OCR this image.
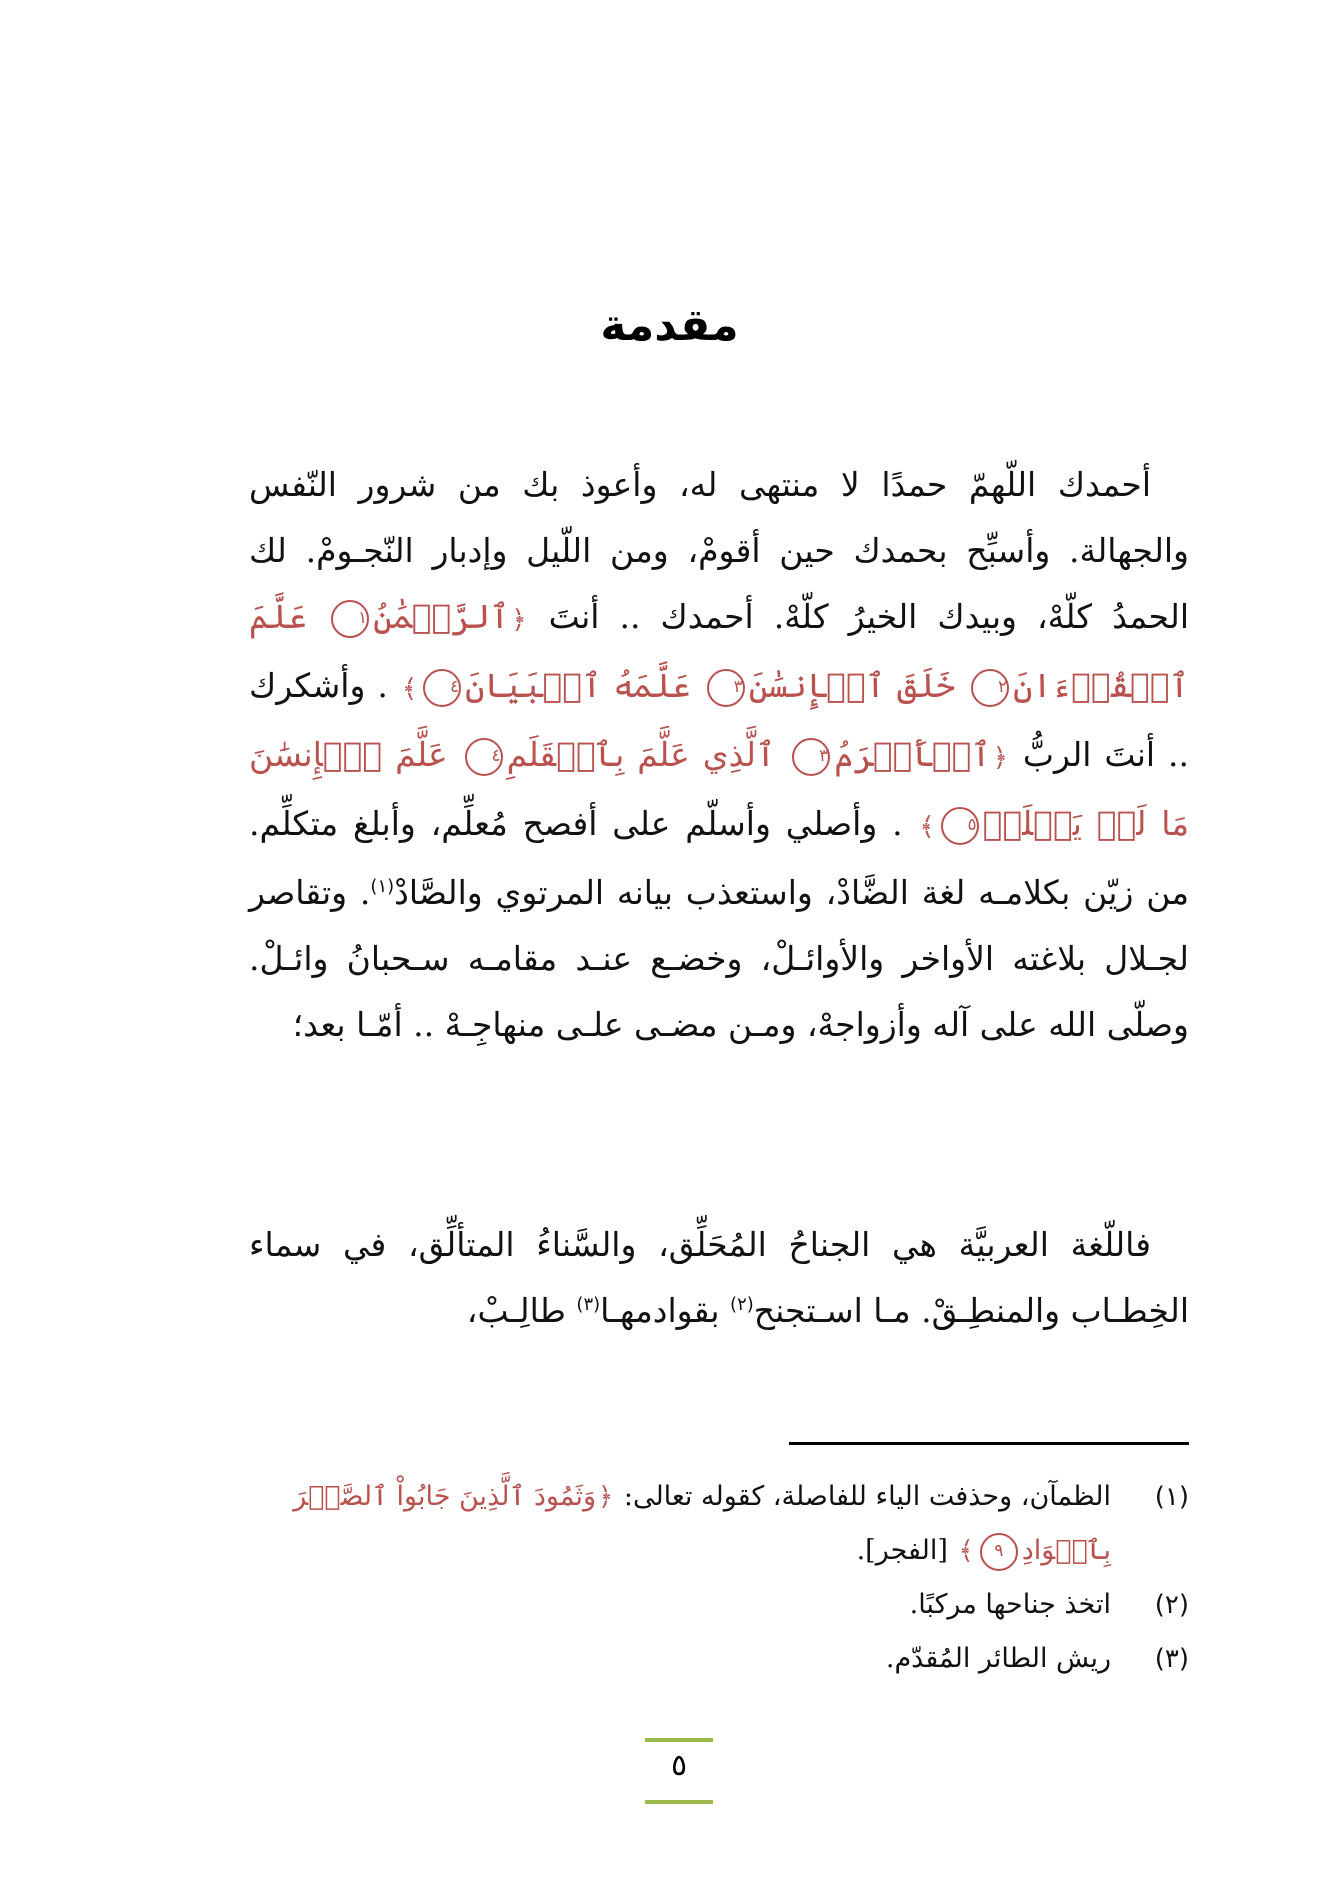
مقدمة
أحمدك اللّهمّ حمدًا لا منتهى له، وأعوذ بك من شرور النّفس والجهالة. وأسبِّح بحمدك حين أقومْ، ومن اللّيل وإدبار النّجـومْ. لك الحمدُ كلّهْ، وبيدك الخيرُ كلّهْ. أحمدك .. أنتَ ﴿ٱلرَّحۡمَٰنُ١ عَلَّمَ ٱلۡقُرۡءَانَ٢ خَلَقَ ٱلۡإِنسَٰنَ٣ عَلَّمَهُ ٱلۡبَيَانَ٤﴾ . وأشكرك .. أنتَ الربُّ ﴿ٱلۡأَكۡرَمُ٣ ٱلَّذِي عَلَّمَ بِٱلۡقَلَمِ٤ عَلَّمَ ٱلۡإِنسَٰنَ مَا لَمۡ يَعۡلَمۡ٥﴾ . وأصلي وأسلّم على أفصح مُعلِّم، وأبلغ متكلِّم. من زيّن بكلامـه لغة الضَّادْ، واستعذب بيانه المرتوي والصَّادْ$^{(١)}$. وتقاصر لجـلال بلاغته الأواخر والأوائـلْ، وخضـع عنـد مقامـه سـحبانُ وائـلْ. وصلّى الله على آله وأزواجهْ، ومـن مضـى علـى منهاجِـهْ .. أمّـا بعد؛
فاللّغة العربيَّة هي الجناحُ المُحَلِّق، والسَّناءُ المتألِّق، في سماء الخِطـاب والمنطِـقْ. مـا اسـتجنح$^{(٢)}$ بقوادمهـا$^{(٣)}$ طالِـبْ،
(١)
الظمآن، وحذفت الياء للفاصلة، كقوله تعالى: ﴿وَثَمُودَ ٱلَّذِينَ جَابُواْ ٱلصَّخۡرَ بِٱلۡوَادِ٩﴾ [الفجر].
(٢)
اتخذ جناحها مركبًا.
(٣)
ريش الطائر المُقدّم.
٥
